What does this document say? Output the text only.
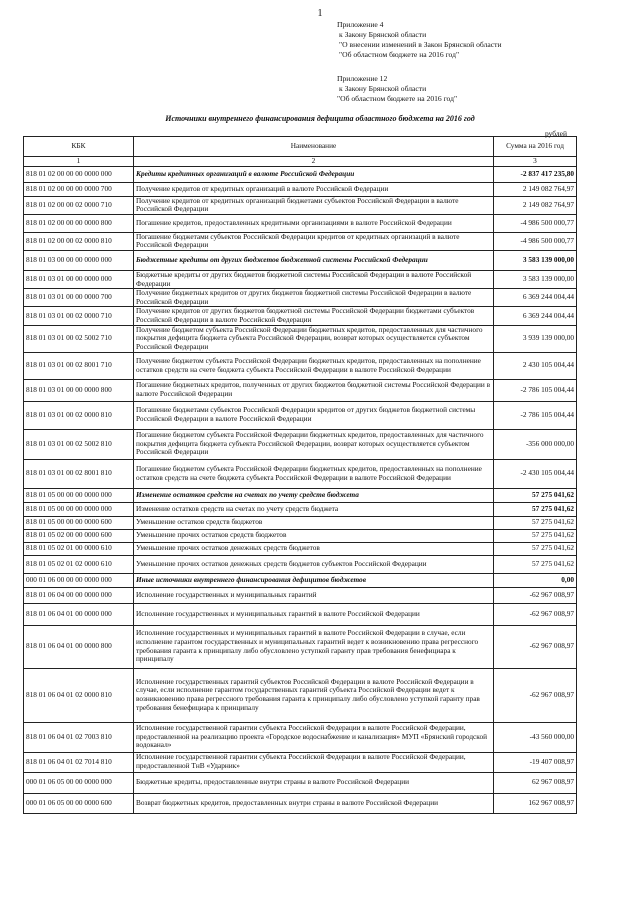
1
Приложение 4
к Закону Брянской области
"О внесении изменений в Закон Брянской области
"Об областном бюджете на 2016 год"
Приложение 12
к Закону Брянской области
"Об областном бюджете на 2016 год"
Источники внутреннего финансирования дефицита областного бюджета на 2016 год
рублей
КБК	Наименование	Сумма на 2016 год
1	2	3
818 01 02 00 00 00 0000 000	Кредиты кредитных организаций в валюте Российской Федерации	-2 837 417 235,80
818 01 02 00 00 00 0000 700	Получение кредитов от кредитных организаций в валюте Российской Федерации	2 149 082 764,97
818 01 02 00 00 02 0000 710	Получение кредитов от кредитных организаций бюджетами субъектов Российской Федерации в валюте Российской Федерации	2 149 082 764,97
818 01 02 00 00 00 0000 800	Погашение кредитов, предоставленных кредитными организациями в валюте Российской Федерации	-4 986 500 000,77
818 01 02 00 00 02 0000 810	Погашение бюджетами субъектов Российской Федерации кредитов от кредитных организаций в валюте Российской Федерации	-4 986 500 000,77
818 01 03 00 00 00 0000 000	Бюджетные кредиты от других бюджетов бюджетной системы Российской Федерации	3 583 139 000,00
818 01 03 01 00 00 0000 000	Бюджетные кредиты от других бюджетов бюджетной системы Российской Федерации в валюте Российской Федерации	3 583 139 000,00
818 01 03 01 00 00 0000 700	Получение бюджетных кредитов от других бюджетов бюджетной системы Российской Федерации в валюте Российской Федерации	6 369 244 004,44
818 01 03 01 00 02 0000 710	Получение кредитов от других бюджетов бюджетной системы Российской Федерации бюджетами субъектов Российской Федерации в валюте Российской Федерации	6 369 244 004,44
818 01 03 01 00 02 5002 710	Получение бюджетом субъекта Российской Федерации бюджетных кредитов, предоставленных для частичного покрытия дефицита бюджета субъекта Российской Федерации, возврат которых осуществляется субъектом Российской Федерации	3 939 139 000,00
818 01 03 01 00 02 8001 710	Получение бюджетом субъекта Российской Федерации бюджетных кредитов, предоставленных на пополнение остатков средств на счете бюджета субъекта Российской Федерации в валюте Российской Федерации	2 430 105 004,44
818 01 03 01 00 00 0000 800	Погашение бюджетных кредитов, полученных от других бюджетов бюджетной системы Российской Федерации в валюте Российской Федерации	-2 786 105 004,44
818 01 03 01 00 02 0000 810	Погашение бюджетами субъектов Российской Федерации кредитов от других бюджетов бюджетной системы Российской Федерации в валюте Российской Федерации	-2 786 105 004,44
818 01 03 01 00 02 5002 810	Погашение бюджетом субъекта Российской Федерации бюджетных кредитов, предоставленных для частичного покрытия дефицита бюджета субъекта Российской Федерации, возврат которых осуществляется субъектом Российской Федерации	-356 000 000,00
818 01 03 01 00 02 8001 810	Погашение бюджетом субъекта Российской Федерации бюджетных кредитов, предоставленных на пополнение остатков средств на счете бюджета субъекта Российской Федерации в валюте Российской Федерации	-2 430 105 004,44
818 01 05 00 00 00 0000 000	Изменение остатков средств на счетах по учету средств бюджета	57 275 041,62
818 01 05 00 00 00 0000 000	Изменение остатков средств на счетах по учету средств бюджета	57 275 041,62
818 01 05 00 00 00 0000 600	Уменьшение остатков средств бюджетов	57 275 041,62
818 01 05 02 00 00 0000 600	Уменьшение прочих остатков средств бюджетов	57 275 041,62
818 01 05 02 01 00 0000 610	Уменьшение прочих остатков денежных средств бюджетов	57 275 041,62
818 01 05 02 01 02 0000 610	Уменьшение прочих остатков денежных средств бюджетов субъектов Российской Федерации	57 275 041,62
000 01 06 00 00 00 0000 000	Иные источники внутреннего финансирования дефицитов бюджетов	0,00
818 01 06 04 00 00 0000 000	Исполнение государственных и муниципальных гарантий	-62 967 008,97
818 01 06 04 01 00 0000 000	Исполнение государственных и муниципальных гарантий в валюте Российской Федерации	-62 967 008,97
818 01 06 04 01 00 0000 800	Исполнение государственных и муниципальных гарантий в валюте Российской Федерации в случае, если исполнение гарантом государственных и муниципальных гарантий ведет к возникновению права регрессного требования гаранта к принципалу либо обусловлено уступкой гаранту прав требования бенефициара к принципалу	-62 967 008,97
818 01 06 04 01 02 0000 810	Исполнение государственных гарантий субъектов Российской Федерации в валюте Российской Федерации в случае, если исполнение гарантом государственных гарантий субъекта Российской Федерации ведет к возникновению права регрессного требования гаранта к принципалу либо обусловлено уступкой гаранту прав требования бенефициара к принципалу	-62 967 008,97
818 01 06 04 01 02 7003 810	Исполнение государственной гарантии субъекта Российской Федерации в валюте Российской Федерации, предоставленной на реализацию проекта «Городское водоснабжение и канализация» МУП «Брянский городской водоканал»	-43 560 000,00
818 01 06 04 01 02 7014 810	Исполнение государственной гарантии субъекта Российской Федерации в валюте Российской Федерации, предоставленной ТнВ «Ударник»	-19 407 008,97
000 01 06 05 00 00 0000 000	Бюджетные кредиты, предоставленные внутри страны в валюте Российской Федерации	62 967 008,97
000 01 06 05 00 00 0000 600	Возврат бюджетных кредитов, предоставленных внутри страны в валюте Российской Федерации	162 967 008,97
